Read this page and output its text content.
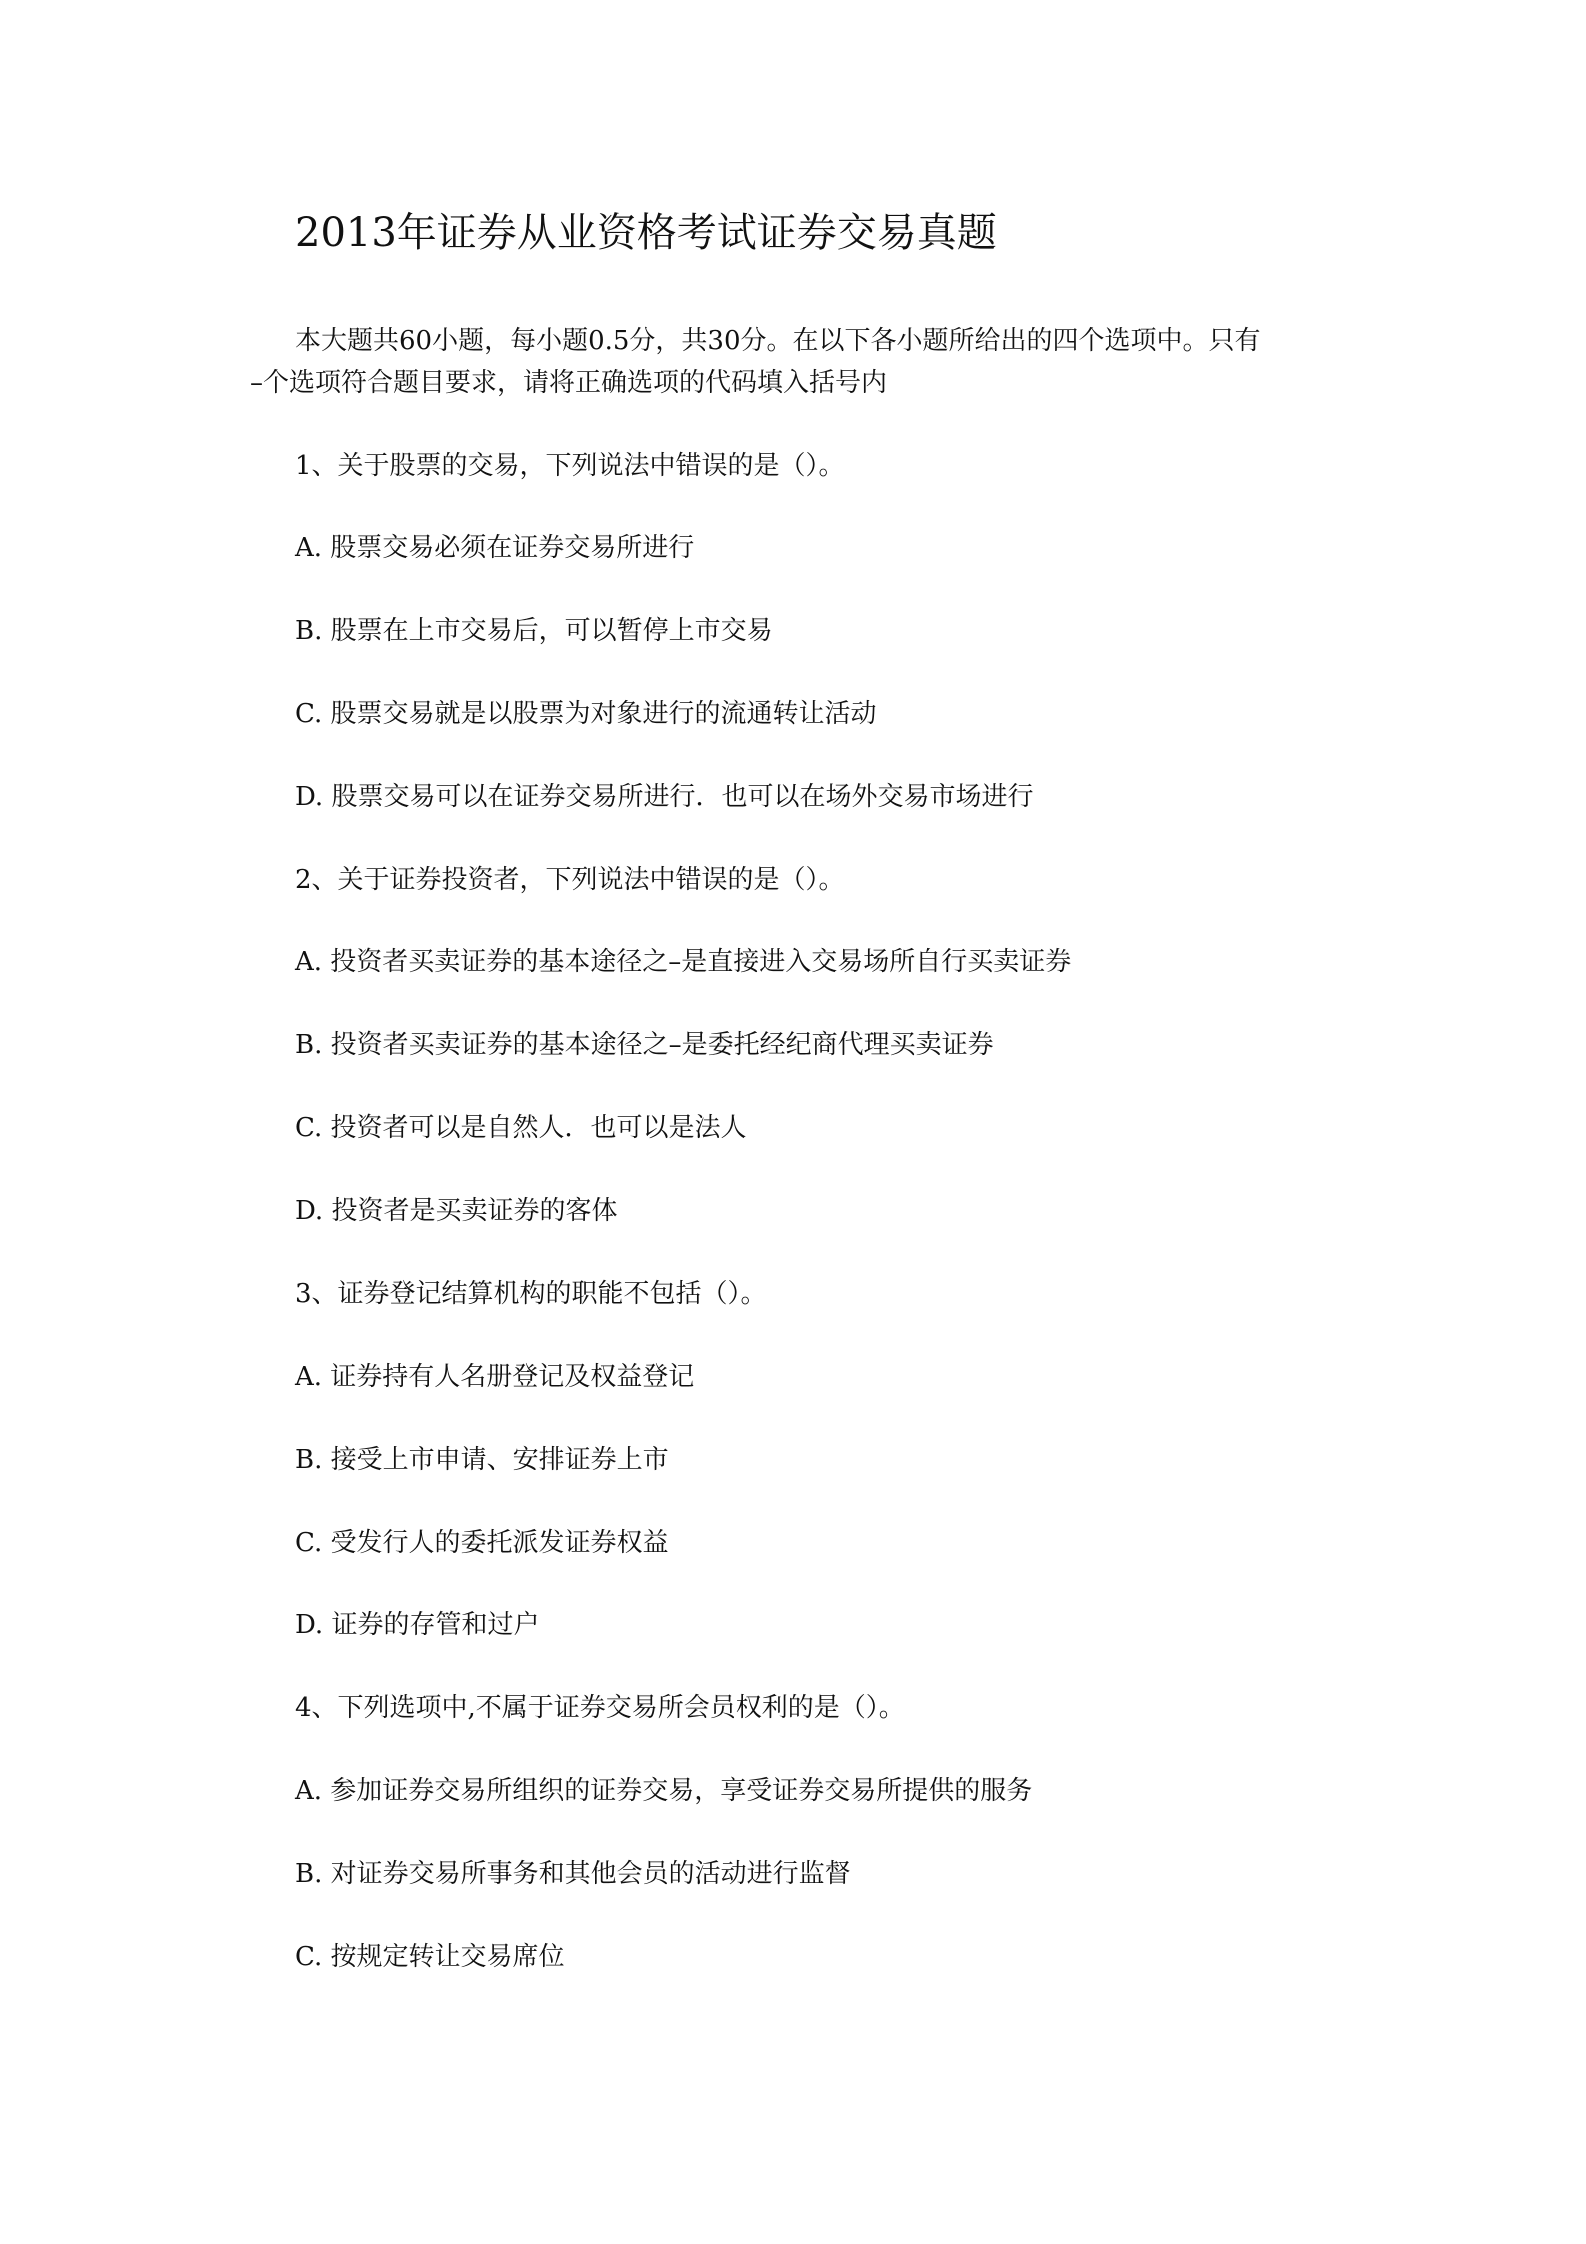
2013年证券从业资格考试证券交易真题
本大题共60小题，每小题0.5分，共30分。在以下各小题所给出的四个选项中。只有
–个选项符合题目要求，请将正确选项的代码填入括号内
1、关于股票的交易，下列说法中错误的是（）。
A. 股票交易必须在证券交易所进行
B. 股票在上市交易后，可以暂停上市交易
C. 股票交易就是以股票为对象进行的流通转让活动
D. 股票交易可以在证券交易所进行．也可以在场外交易市场进行
2、关于证券投资者，下列说法中错误的是（）。
A. 投资者买卖证券的基本途径之–是直接进入交易场所自行买卖证券
B. 投资者买卖证券的基本途径之–是委托经纪商代理买卖证券
C. 投资者可以是自然人．也可以是法人
D. 投资者是买卖证券的客体
3、证券登记结算机构的职能不包括（）。
A. 证券持有人名册登记及权益登记
B. 接受上市申请、安排证券上市
C. 受发行人的委托派发证券权益
D. 证券的存管和过户
4、下列选项中,不属于证券交易所会员权利的是（）。
A. 参加证券交易所组织的证券交易，享受证券交易所提供的服务
B. 对证券交易所事务和其他会员的活动进行监督
C. 按规定转让交易席位
